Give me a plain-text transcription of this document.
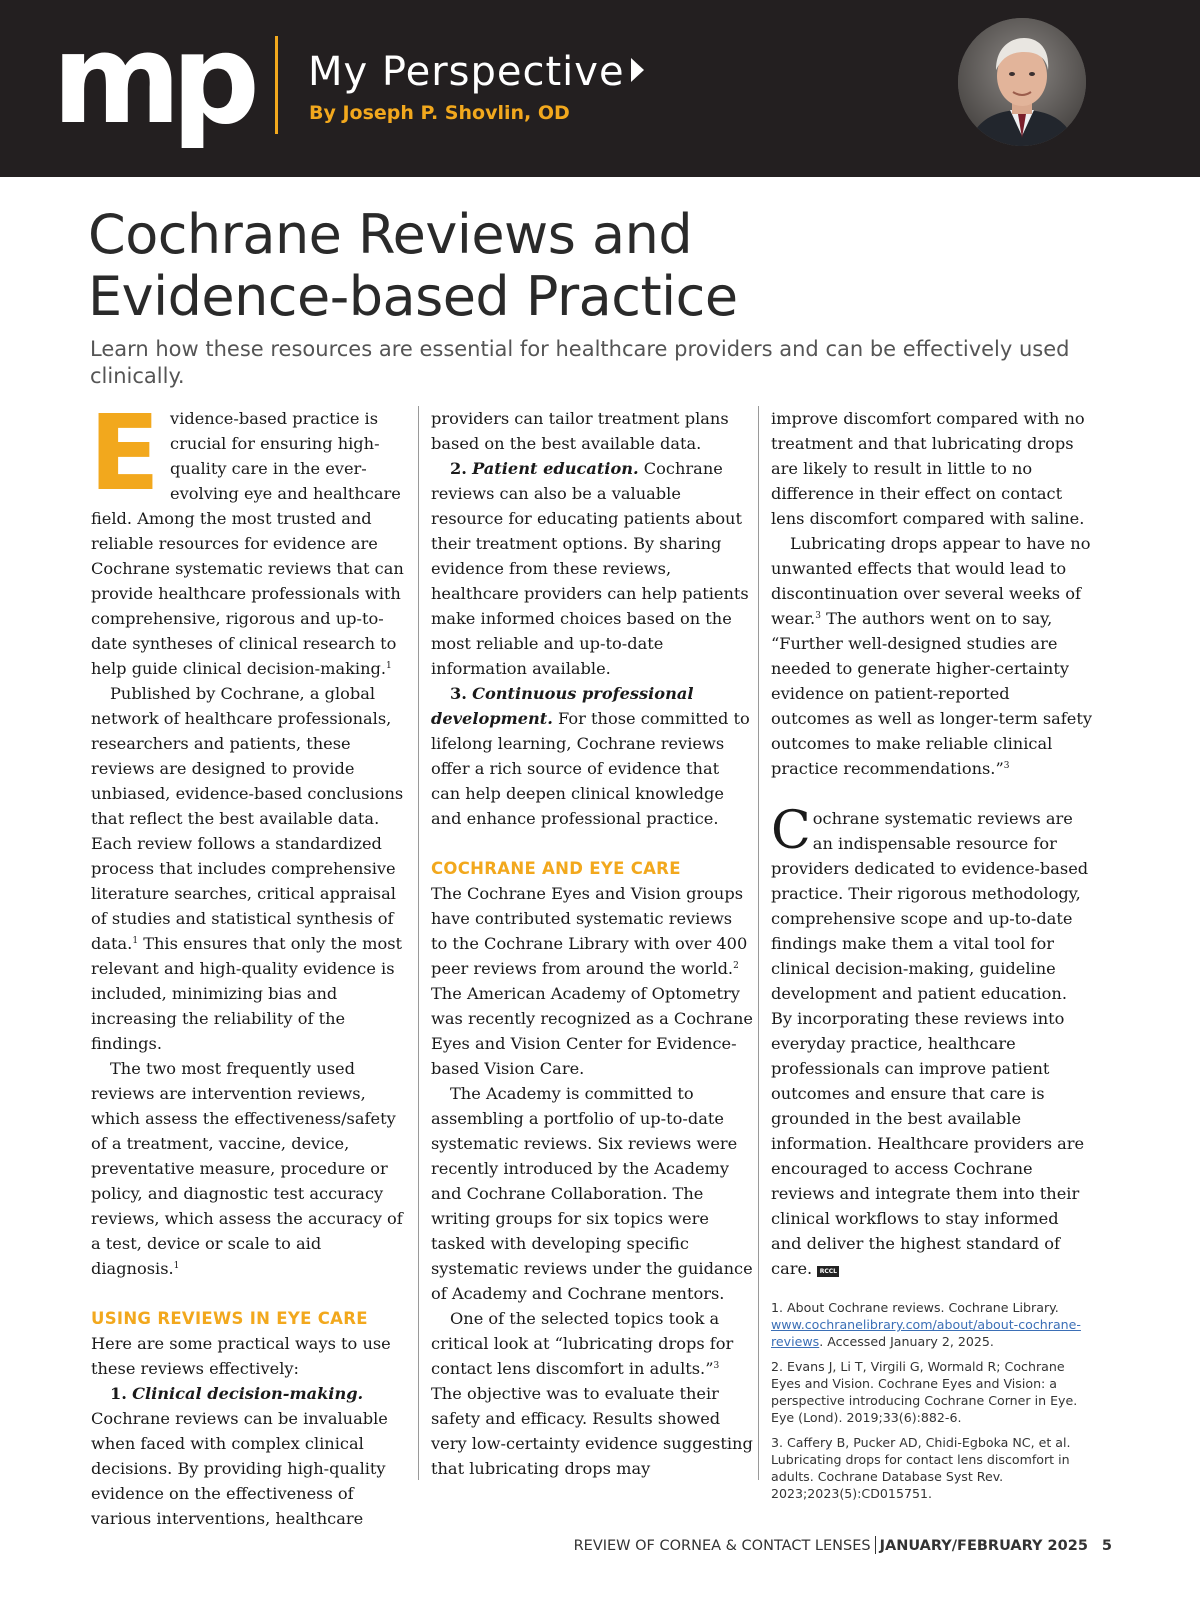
mp My Perspective
By Joseph P. Shovlin, OD
Cochrane Reviews and
Evidence-based Practice
Learn how these resources are essential for healthcare providers and can be effectively used clinically.

Evidence-based practice is crucial for ensuring high-quality care in the ever-evolving eye and healthcare field. Among the most trusted and reliable resources for evidence are Cochrane systematic reviews that can provide healthcare professionals with comprehensive, rigorous and up-to-date syntheses of clinical research to help guide clinical decision-making.$^1$

Published by Cochrane, a global network of healthcare professionals, researchers and patients, these reviews are designed to provide unbiased, evidence-based conclusions that reflect the best available data. Each review follows a standardized process that includes comprehensive literature searches, critical appraisal of studies and statistical synthesis of data.$^1$ This ensures that only the most relevant and high-quality evidence is included, minimizing bias and increasing the reliability of the findings.

The two most frequently used reviews are intervention reviews, which assess the effectiveness/safety of a treatment, vaccine, device, preventative measure, procedure or policy, and diagnostic test accuracy reviews, which assess the accuracy of a test, device or scale to aid diagnosis.$^1$

USING REVIEWS IN EYE CARE

Here are some practical ways to use these reviews effectively:

1. Clinical decision-making. Cochrane reviews can be invaluable when faced with complex clinical decisions. By providing high-quality evidence on the effectiveness of various interventions, healthcare

providers can tailor treatment plans based on the best available data.

2. Patient education. Cochrane reviews can also be a valuable resource for educating patients about their treatment options. By sharing evidence from these reviews, healthcare providers can help patients make informed choices based on the most reliable and up-to-date information available.

3. Continuous professional development. For those committed to lifelong learning, Cochrane reviews offer a rich source of evidence that can help deepen clinical knowledge and enhance professional practice.

COCHRANE AND EYE CARE

The Cochrane Eyes and Vision groups have contributed systematic reviews to the Cochrane Library with over 400 peer reviews from around the world.$^2$ The American Academy of Optometry was recently recognized as a Cochrane Eyes and Vision Center for Evidence-based Vision Care.

The Academy is committed to assembling a portfolio of up-to-date systematic reviews. Six reviews were recently introduced by the Academy and Cochrane Collaboration. The writing groups for six topics were tasked with developing specific systematic reviews under the guidance of Academy and Cochrane mentors.

One of the selected topics took a critical look at “lubricating drops for contact lens discomfort in adults.”$^3$ The objective was to evaluate their safety and efficacy. Results showed very low-certainty evidence suggesting that lubricating drops may

improve discomfort compared with no treatment and that lubricating drops are likely to result in little to no difference in their effect on contact lens discomfort compared with saline.

Lubricating drops appear to have no unwanted effects that would lead to discontinuation over several weeks of wear.$^3$ The authors went on to say, “Further well-designed studies are needed to generate higher-certainty evidence on patient-reported outcomes as well as longer-term safety outcomes to make reliable clinical practice recommendations.”$^3$

Cochrane systematic reviews are an indispensable resource for providers dedicated to evidence-based practice. Their rigorous methodology, comprehensive scope and up-to-date findings make them a vital tool for clinical decision-making, guideline development and patient education. By incorporating these reviews into everyday practice, healthcare professionals can improve patient outcomes and ensure that care is grounded in the best available information. Healthcare providers are encouraged to access Cochrane reviews and integrate them into their clinical workflows to stay informed and deliver the highest standard of care. RCCL

1. About Cochrane reviews. Cochrane Library. www.cochranelibrary.com/about/about-cochrane-reviews. Accessed January 2, 2025.

2. Evans J, Li T, Virgili G, Wormald R; Cochrane Eyes and Vision. Cochrane Eyes and Vision: a perspective introducing Cochrane Corner in Eye. Eye (Lond). 2019;33(6):882-6.

3. Caffery B, Pucker AD, Chidi-Egboka NC, et al. Lubricating drops for contact lens discomfort in adults. Cochrane Database Syst Rev. 2023;2023(5):CD015751.

REVIEW OF CORNEA & CONTACT LENSES JANUARY/FEBRUARY 2025 5
